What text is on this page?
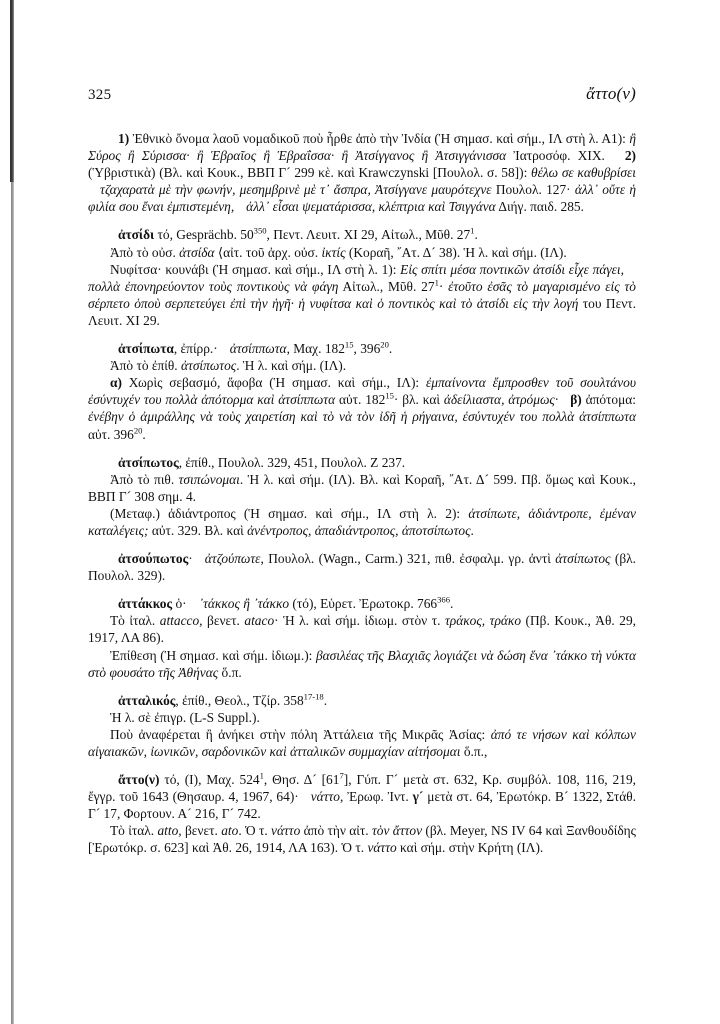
325	ἄττο(ν)

1) Ἐθνικὸ ὄνομα λαοῦ νομαδικοῦ ποὺ ἦρθε ἀπὸ τὴν Ἰνδία (Ἡ σημασ. καὶ σήμ., ΙΛ στὴ λ. Α1): ἢ Σύρος ἢ Σύρισσα· ἢ Ἑβραῖος ἢ Ἑβραΐσσα· ἢ Ἀτσίγγανος ἢ Ἀτσιγγάνισσα Ἰατροσόφ. XIX. 2) (Ὑβριστικὰ) (Βλ. καὶ Κουκ., ΒΒΠ Γ´ 299 κὲ. καὶ Krawczynski [Πουλολ. σ. 58]): θέλω σε καθυβρίσειτζαχαρατὰ μὲ τὴν φωνήν, μεσημβρινὲ μὲ τ᾽ ἄσπρα, Ἀτσίγγανε μαυρότεχνε Πουλολ. 127· ἀλλ᾽ οὔτε ἡ φιλία σου ἔναι ἐμπιστεμένη, ἀλλ᾽ εἶσαι ψεματάρισσα, κλέπτρια καὶ Τσιγγάνα Διήγ. παιδ. 285.

ἀτσίδι τό, Gesprächb. $50^{350}$, Πεντ. Λευιτ. XI 29, Αἰτωλ., Μῦθ. $27^1$.

Ἀπὸ τὸ οὐσ. ἀτσίδα ⟨αἰτ. τοῦ ἀρχ. οὐσ. ἰκτίς (Κοραῆ, ῎Ατ. Δ´ 38). Ἡ λ. καὶ σήμ. (ΙΛ).

Νυφίτσα· κουνάβι (Ἡ σημασ. καὶ σήμ., ΙΛ στὴ λ. 1): Εἰς σπίτι μέσα ποντικῶν ἀτσίδι εἶχε πάγει,πολλὰ ἐπονηρεύοντον τοὺς ποντικοὺς νὰ φάγη Αἰτωλ., Μῦθ. $27^1\cdot$ ἐτοῦτο ἐσᾶς τὸ μαγαρισμένο εἰς τὸ σέρπετο ὁποὺ σερπετεύγει ἐπὶ τὴν ἡγῆ· ἡ νυφίτσα καὶ ὁ ποντικὸς καὶ τὸ ἀτσίδι εἰς τὴν λογή του Πεντ. Λευιτ. XI 29.

ἀτσίπωτα, ἐπίρρ.· ἀτσίππωτα, Μαχ. $182^{15}$, $396^{20}$.

Ἀπὸ τὸ ἐπίθ. ἀτσίπωτος. Ἡ λ. καὶ σήμ. (ΙΛ).

α) Χωρὶς σεβασμό, ἄφοβα (Ἡ σημασ. καὶ σήμ., ΙΛ): ἐμπαίνοντα ἔμπροσθεν τοῦ σουλτάνου ἐσύντυχέν του πολλὰ ἀπότορμα καὶ ἀτσίππωτα αὐτ. $182^{15}\cdot \beta\lambda$. καὶ ἀδείλιαστα, ἀτρόμως· β) ἀπότομα: ἐνέβην ὁ ἀμιράλλης νὰ τοὺς χαιρετίση καὶ τὸ νὰ τὸν ἰδῆ ἡ ρήγαινα, ἐσύντυχέν του πολλὰ ἀτσίππωτα αὐτ. $396^{20}$.

ἀτσίπωτος, ἐπίθ., Πουλολ. 329, 451, Πουλολ. Ζ 237.

Ἀπὸ τὸ πιθ. τσιπώνομαι. Ἡ λ. καὶ σήμ. (ΙΛ). Βλ. καὶ Κοραῆ, ῎Ατ. Δ´ 599. Πβ. ὅμως καὶ Κουκ., ΒΒΠ Γ´ 308 σημ. 4.

(Μεταφ.) ἀδιάντροπος (Ἡ σημασ. καὶ σήμ., ΙΛ στὴ λ. 2): ἀτσίπωτε, ἀδιάντροπε, ἐμέναν καταλέγεις; αὐτ. 329. Βλ. καὶ ἀνέντροπος, ἀπαδιάντροπος, ἀποτσίπωτος.

ἀτσούπωτος· ἀτζούπωτε, Πουλολ. (Wagn., Carm.) 321, πιθ. ἐσφαλμ. γρ. ἀντὶ ἀτσίπωτος (βλ. Πουλολ. 329).

ἀττάκκος ὁ· ᾽τάκκος ἢ ᾽τάκκο (τό), Εὑρετ. Ἐρωτοκρ. $766^{366}$.

Τὸ ἰταλ. attacco, βενετ. ataco· Ἡ λ. καὶ σήμ. ἰδιωμ. στὸν τ. τράκος, τράκο (Πβ. Κουκ., Ἀθ. 29, 1917, ΛΑ 86).

Ἐπίθεση (Ἡ σημασ. καὶ σήμ. ἰδιωμ.): βασιλέας τῆς Βλαχιᾶς λογιάζει νὰ δώση ἕνα ᾽τάκκο τὴ νύκτα στὸ φουσάτο τῆς Ἀθήνας ὅ.π.

ἀτταλικός, ἐπίθ., Θεολ., Τζίρ. 358$^{17-18}$.

Ἡ λ. σὲ ἐπιγρ. (L-S Suppl.).

Ποὺ ἀναφέρεται ἢ ἀνήκει στὴν πόλη Ἀττάλεια τῆς Μικρᾶς Ἀσίας: ἀπό τε νήσων καὶ κόλπων αἰγαιακῶν, ἰωνικῶν, σαρδονικῶν καὶ ἀτταλικῶν συμμαχίαν αἰτήσομαι ὅ.π.,

ἄττο(ν) τό, (Ι), Μαχ. $524^1$, Θησ. Δ´ $[61^7]$, Γύπ. Γ´ μετὰ στ. 632, Κρ. συμβόλ. 108, 116, 219, ἔγγρ. τοῦ 1643 (Θησαυρ. 4, 1967, 64)· νάττο, Ἐρωφ. Ἰντ. γ´ μετὰ στ. 64, Ἐρωτόκρ. Β´ 1322, Στάθ. Γ´ 17, Φορτουν. Α´ 216, Γ´ 742.

Τὸ ἰταλ. atto, βενετ. ato. Ὁ τ. νάττο ἀπὸ τὴν αἰτ. τὸν ἄττον (βλ. Meyer, NS IV 64 καὶ Ξανθουδίδης [Ἐρωτόκρ. σ. 623] καὶ Ἀθ. 26, 1914, ΛΑ 163). Ὁ τ. νάττο καὶ σήμ. στὴν Κρήτη (ΙΛ).
